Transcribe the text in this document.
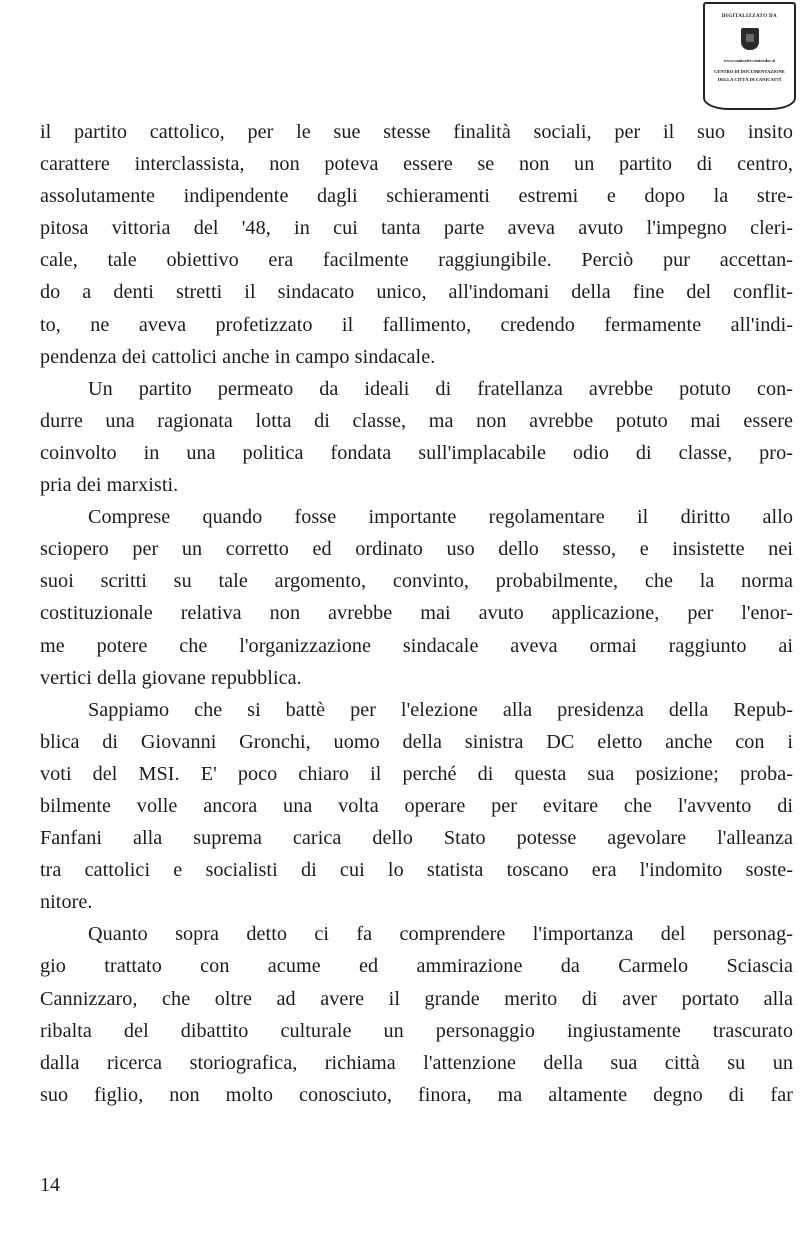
DIGITALIZZATO DA
www.canicatti-centrodoc.it
CENTRO DI DOCUMENTAZIONE
DELLA CITTÀ DI CANICATTÌ

il partito cattolico, per le sue stesse finalità sociali, per il suo insito
carattere interclassista, non poteva essere se non un partito di centro,
assolutamente indipendente dagli schieramenti estremi e dopo la stre-
pitosa vittoria del '48, in cui tanta parte aveva avuto l'impegno cleri-
cale, tale obiettivo era facilmente raggiungibile. Perciò pur accettan-
do a denti stretti il sindacato unico, all'indomani della fine del conflit-
to, ne aveva profetizzato il fallimento, credendo fermamente all'indi-
pendenza dei cattolici anche in campo sindacale.

Un partito permeato da ideali di fratellanza avrebbe potuto con-
durre una ragionata lotta di classe, ma non avrebbe potuto mai essere
coinvolto in una politica fondata sull'implacabile odio di classe, pro-
pria dei marxisti.

Comprese quando fosse importante regolamentare il diritto allo
sciopero per un corretto ed ordinato uso dello stesso, e insistette nei
suoi scritti su tale argomento, convinto, probabilmente, che la norma
costituzionale relativa non avrebbe mai avuto applicazione, per l'enor-
me potere che l'organizzazione sindacale aveva ormai raggiunto ai
vertici della giovane repubblica.

Sappiamo che si battè per l'elezione alla presidenza della Repub-
blica di Giovanni Gronchi, uomo della sinistra DC eletto anche con i
voti del MSI. E' poco chiaro il perché di questa sua posizione; proba-
bilmente volle ancora una volta operare per evitare che l'avvento di
Fanfani alla suprema carica dello Stato potesse agevolare l'alleanza
tra cattolici e socialisti di cui lo statista toscano era l'indomito soste-
nitore.

Quanto sopra detto ci fa comprendere l'importanza del personag-
gio trattato con acume ed ammirazione da Carmelo Sciascia
Cannizzaro, che oltre ad avere il grande merito di aver portato alla
ribalta del dibattito culturale un personaggio ingiustamente trascurato
dalla ricerca storiografica, richiama l'attenzione della sua città su un
suo figlio, non molto conosciuto, finora, ma altamente degno di far

14
